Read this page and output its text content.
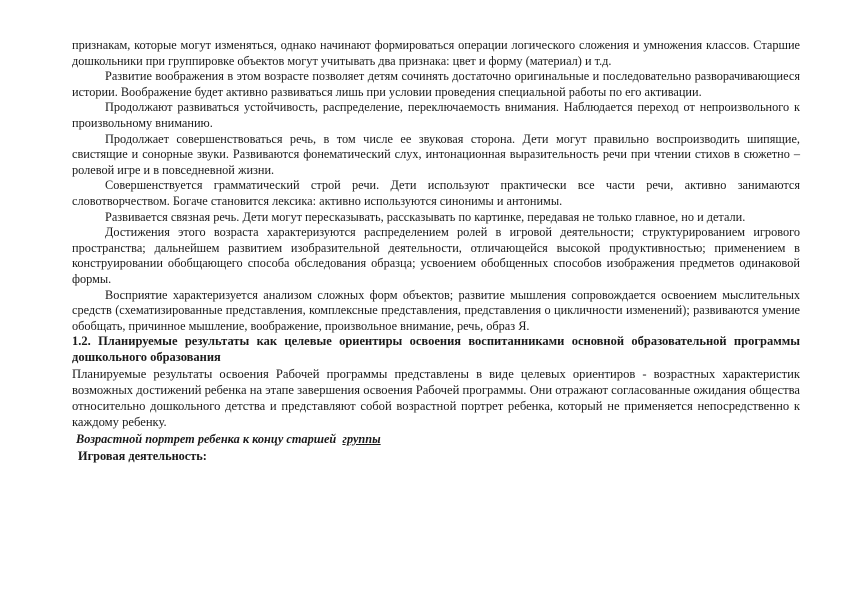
признакам, которые могут изменяться, однако начинают формироваться операции логического сложения и умножения классов. Старшие дошкольники при группировке объектов могут учитывать два признака: цвет и форму (материал) и т.д.

Развитие воображения в этом возрасте позволяет детям сочинять достаточно оригинальные и последовательно разворачивающиеся истории. Воображение будет активно развиваться лишь при условии проведения специальной работы по его активации.

Продолжают развиваться устойчивость, распределение, переключаемость внимания. Наблюдается переход от непроизвольного к произвольному вниманию.

Продолжает совершенствоваться речь, в том числе ее звуковая сторона. Дети могут правильно воспроизводить шипящие, свистящие и сонорные звуки. Развиваются фонематический слух, интонационная выразительность речи при чтении стихов в сюжетно – ролевой игре и в повседневной жизни.

Совершенствуется грамматический строй речи. Дети используют практически все части речи, активно занимаются словотворчеством. Богаче становится лексика: активно используются синонимы и антонимы.

Развивается связная речь. Дети могут пересказывать, рассказывать по картинке, передавая не только главное, но и детали.

Достижения этого возраста характеризуются распределением ролей в игровой деятельности; структурированием игрового пространства; дальнейшем развитием изобразительной деятельности, отличающейся высокой продуктивностью; применением в конструировании обобщающего способа обследования образца; усвоением обобщенных способов изображения предметов одинаковой формы.

Восприятие характеризуется анализом сложных форм объектов; развитие мышления сопровождается освоением мыслительных средств (схематизированные представления, комплексные представления, представления о цикличности изменений); развиваются умение обобщать, причинное мышление, воображение, произвольное внимание, речь, образ Я.

1.2. Планируемые результаты как целевые ориентиры освоения воспитанниками основной образовательной программы дошкольного образования

Планируемые результаты освоения Рабочей программы представлены в виде целевых ориентиров - возрастных характеристик возможных достижений ребенка на этапе завершения освоения Рабочей программы. Они отражают согласованные ожидания общества относительно дошкольного детства и представляют собой возрастной портрет ребенка, который не применяется непосредственно к каждому ребенку.

Возрастной портрет ребенка к концу старшей группы

Игровая деятельность:
